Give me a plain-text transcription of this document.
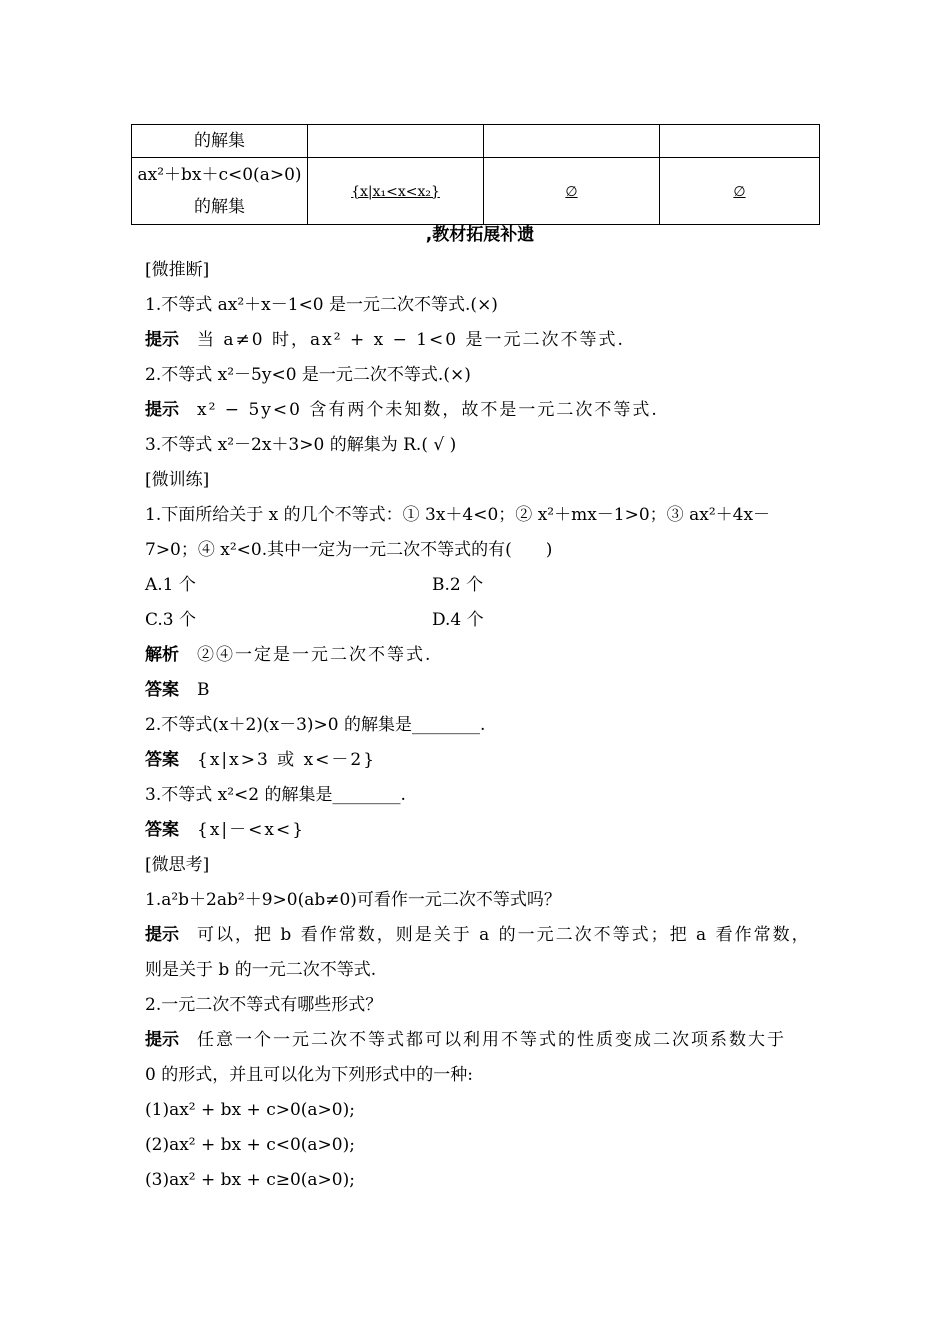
的解集			

ax²＋bx＋c<0(a>0)
的解集	{x|x₁<x<x₂}	∅	∅
,教材拓展补遗
[微推断]
1.不等式 ax²＋x－1<0 是一元二次不等式.(×)
提示 当 a≠0 时，ax² + x − 1<0 是一元二次不等式.
2.不等式 x²－5y<0 是一元二次不等式.(×)
提示 x² − 5y<0 含有两个未知数，故不是一元二次不等式.
3.不等式 x²－2x＋3>0 的解集为 R.( √ )
[微训练]
1.下面所给关于 x 的几个不等式：① 3x＋4<0；② x²＋mx－1>0；③ ax²＋4x－
7>0；④ x²<0.其中一定为一元二次不等式的有(　　)
A.1 个	B.2 个
C.3 个	D.4 个
解析 ②④一定是一元二次不等式.
答案 B
2.不等式(x＋2)(x－3)>0 的解集是________.
答案 {x|x>3 或 x<－2}
3.不等式 x²<2 的解集是________.
答案 {x|－<x<}
[微思考]
1.a²b＋2ab²＋9>0(ab≠0)可看作一元二次不等式吗？
提示 可以，把 b 看作常数，则是关于 a 的一元二次不等式；把 a 看作常数，
则是关于 b 的一元二次不等式.
2.一元二次不等式有哪些形式？
提示 任意一个一元二次不等式都可以利用不等式的性质变成二次项系数大于
0 的形式，并且可以化为下列形式中的一种:
(1)ax² + bx + c>0(a>0);
(2)ax² + bx + c<0(a>0);
(3)ax² + bx + c≥0(a>0);
